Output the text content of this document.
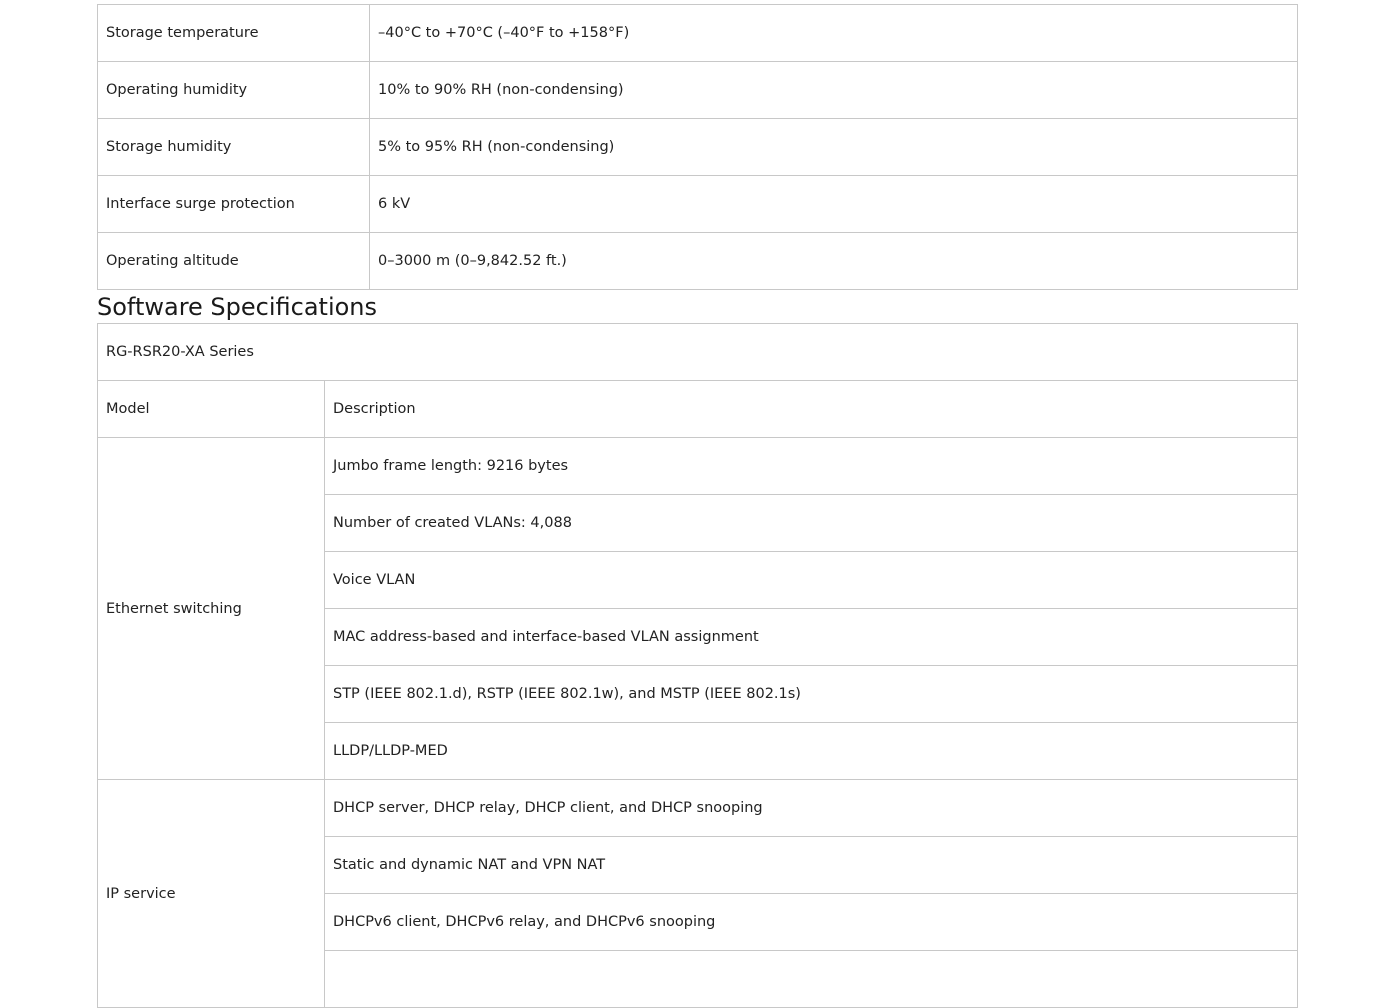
Storage temperature	–40°C to +70°C (–40°F to +158°F)
Operating humidity	10% to 90% RH (non-condensing)
Storage humidity	5% to 95% RH (non-condensing)
Interface surge protection	6 kV
Operating altitude	0–3000 m (0–9,842.52 ft.)
Software Specifications
RG-RSR20-XA Series	
Model	Description
Ethernet switching	Jumbo frame length: 9216 bytes
	Number of created VLANs: 4,088
	Voice VLAN
	MAC address-based and interface-based VLAN assignment
	STP (IEEE 802.1.d), RSTP (IEEE 802.1w), and MSTP (IEEE 802.1s)
	LLDP/LLDP-MED
IP service	DHCP server, DHCP relay, DHCP client, and DHCP snooping
	Static and dynamic NAT and VPN NAT
	DHCPv6 client, DHCPv6 relay, and DHCPv6 snooping
